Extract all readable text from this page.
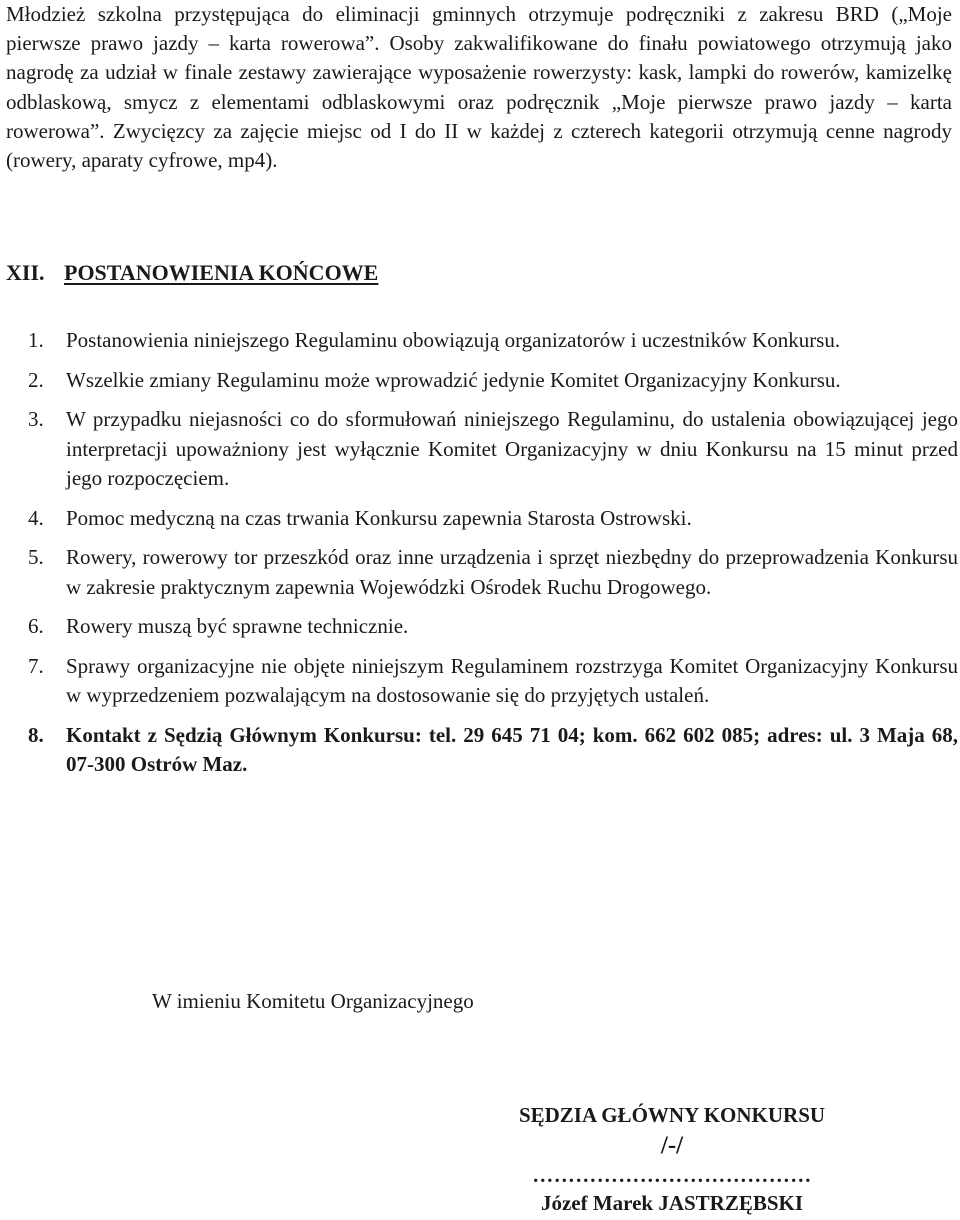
Młodzież szkolna przystępująca do eliminacji gminnych otrzymuje podręczniki z zakresu BRD („Moje pierwsze prawo jazdy – karta rowerowa”. Osoby zakwalifikowane do finału powiatowego otrzymują jako nagrodę za udział w finale zestawy zawierające wyposażenie rowerzysty: kask, lampki do rowerów, kamizelkę odblaskową, smycz z elementami odblaskowymi oraz podręcznik „Moje pierwsze prawo jazdy – karta rowerowa”. Zwycięzcy za zajęcie miejsc od I do II w każdej z czterech kategorii otrzymują cenne nagrody (rowery, aparaty cyfrowe, mp4).

XII. POSTANOWIENIA KOŃCOWE
1. Postanowienia niniejszego Regulaminu obowiązują organizatorów i uczestników Konkursu.
2. Wszelkie zmiany Regulaminu może wprowadzić jedynie Komitet Organizacyjny Konkursu.
3. W przypadku niejasności co do sformułowań niniejszego Regulaminu, do ustalenia obowiązującej jego interpretacji upoważniony jest wyłącznie Komitet Organizacyjny w dniu Konkursu na 15 minut przed jego rozpoczęciem.
4. Pomoc medyczną na czas trwania Konkursu zapewnia Starosta Ostrowski.
5. Rowery, rowerowy tor przeszkód oraz inne urządzenia i sprzęt niezbędny do przeprowadzenia Konkursu w zakresie praktycznym zapewnia Wojewódzki Ośrodek Ruchu Drogowego.
6. Rowery muszą być sprawne technicznie.
7. Sprawy organizacyjne nie objęte niniejszym Regulaminem rozstrzyga Komitet Organizacyjny Konkursu w wyprzedzeniem pozwalającym na dostosowanie się do przyjętych ustaleń.
8. Kontakt z Sędzią Głównym Konkursu: tel. 29 645 71 04; kom. 662 602 085; adres: ul. 3 Maja 68, 07-300 Ostrów Maz.

W imieniu Komitetu Organizacyjnego

SĘDZIA GŁÓWNY KONKURSU
/-/
…………………………………
Józef Marek JASTRZĘBSKI
